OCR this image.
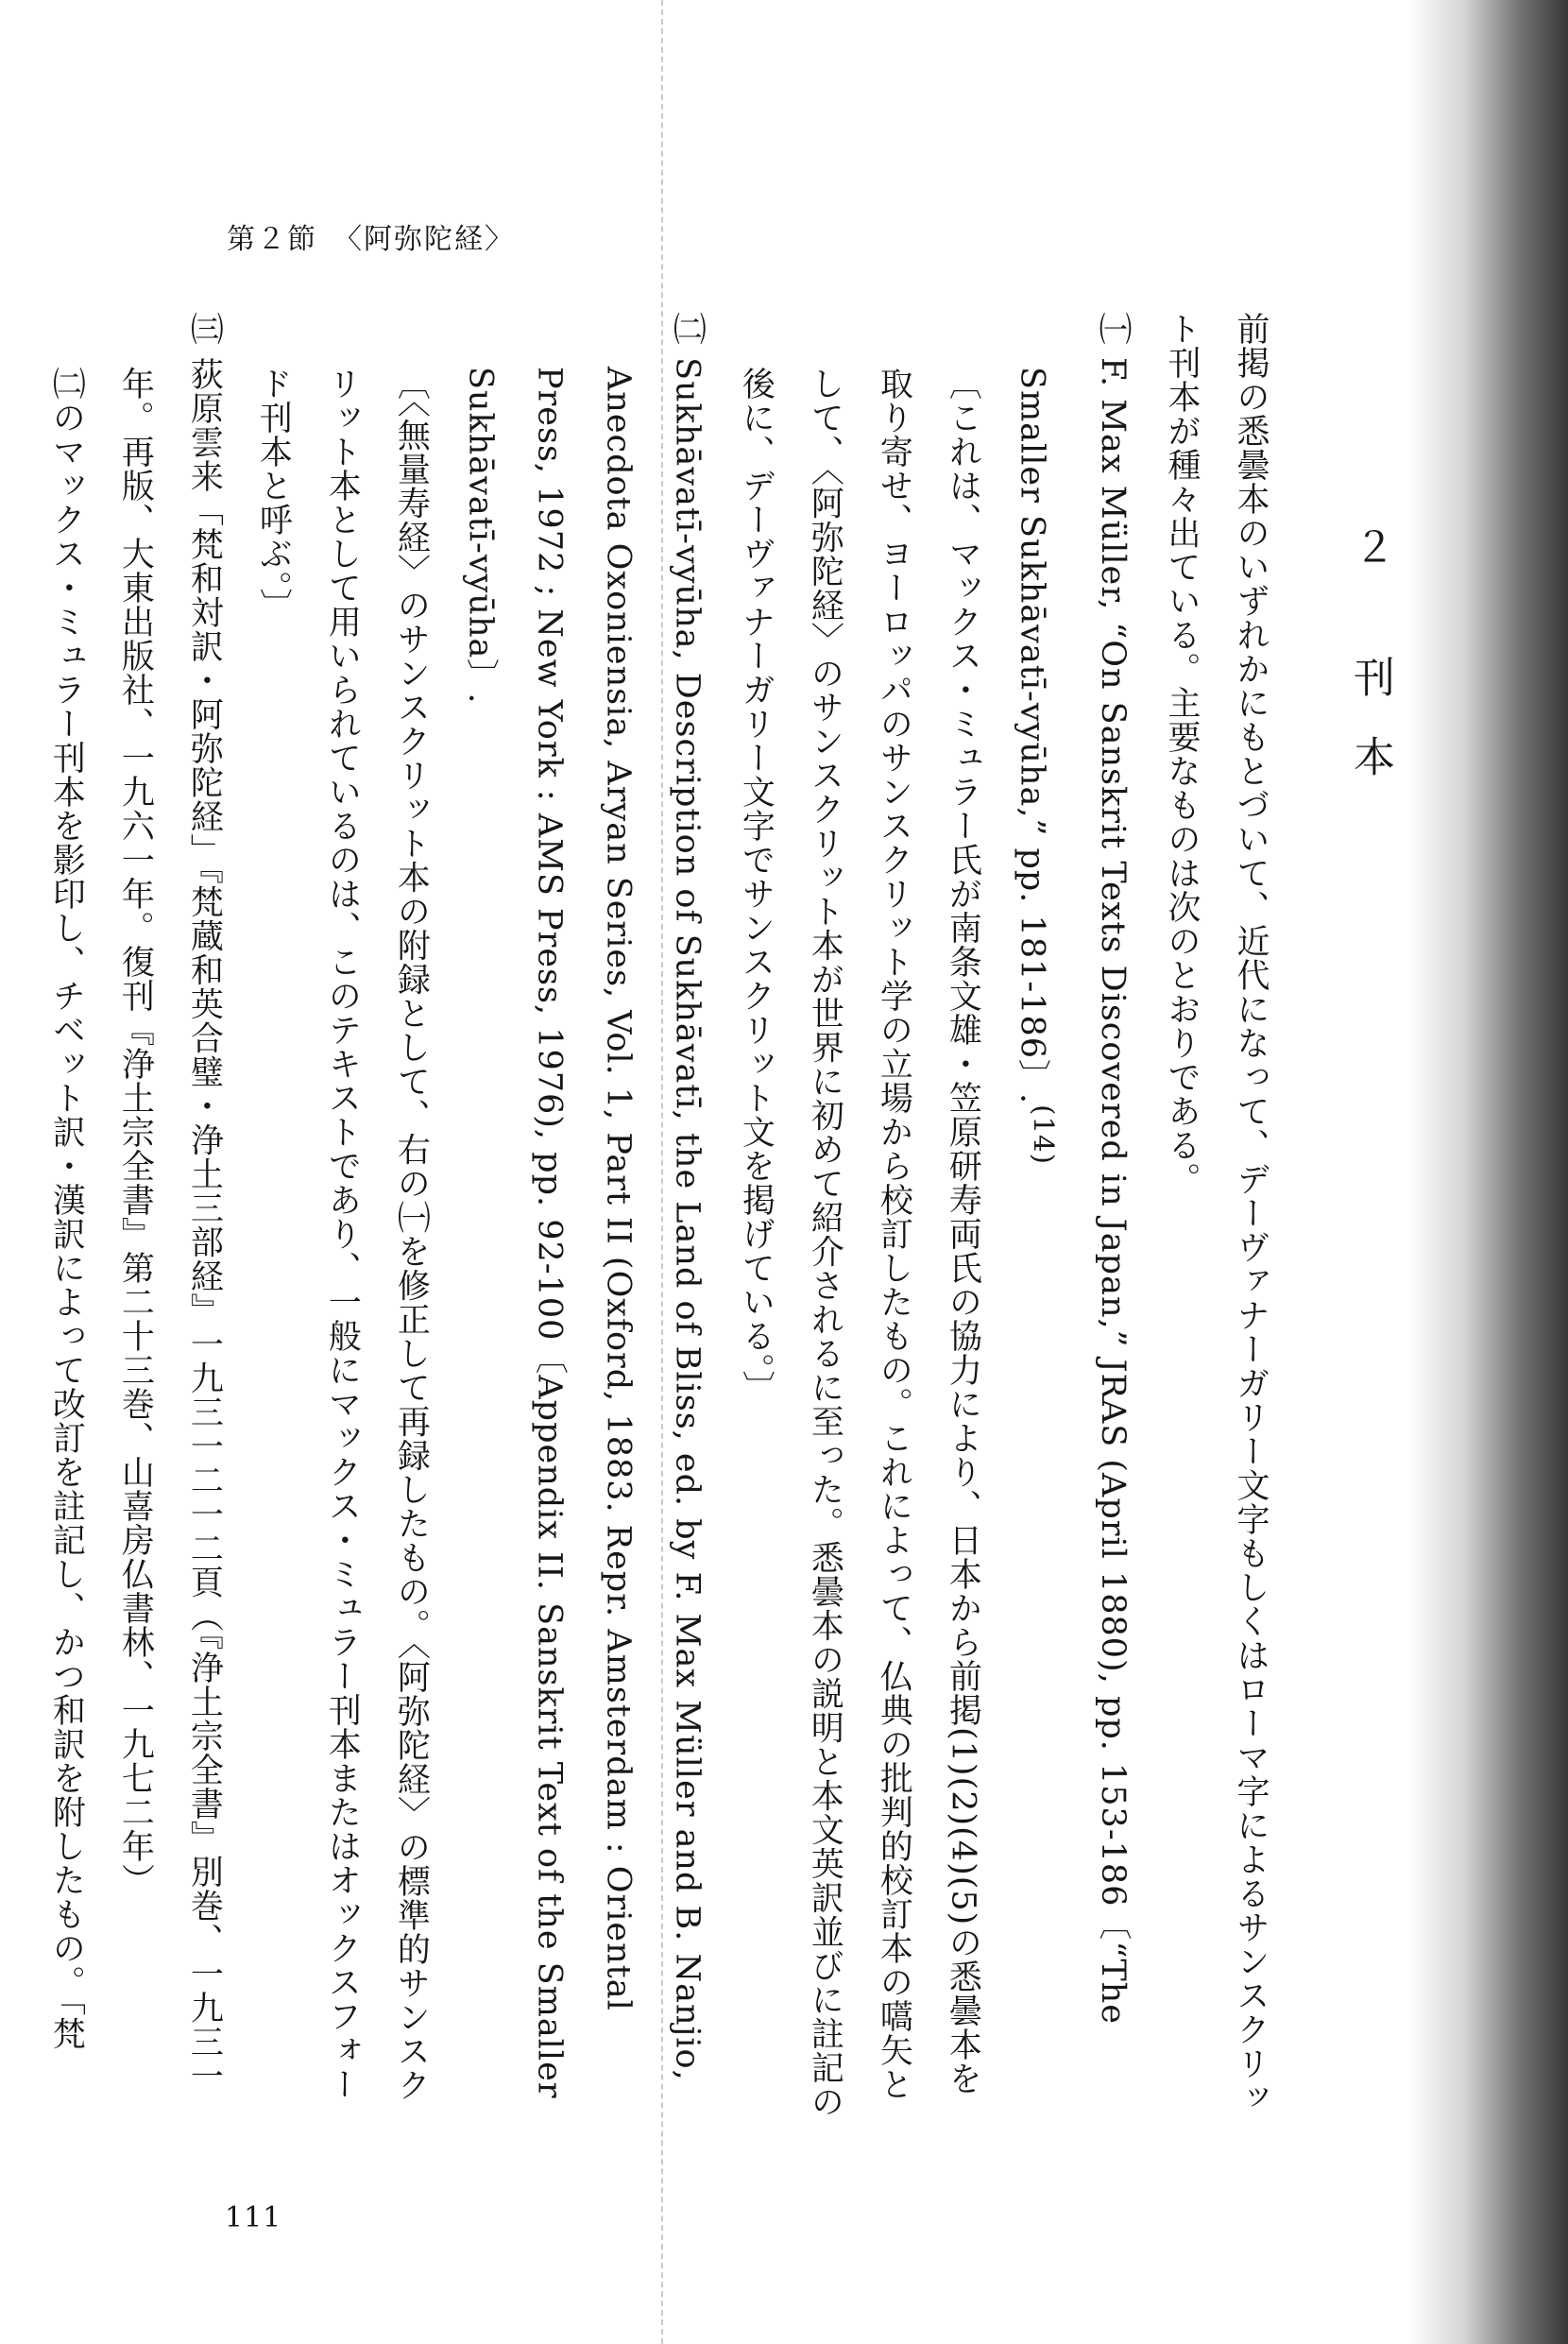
第２節　〈阿弥陀経〉
２ 刊本

前掲の悉曇本のいずれかにもとづいて、近代になって、デーヴァナーガリー文字もしくはローマ字によるサンスクリット刊本が種々出ている。主要なものは次のとおりである。

㈠ F. Max Müller, “On Sanskrit Texts Discovered in Japan,” JRAS (April 1880), pp. 153-186〔“The Smaller Sukhāvatī-vyūha,” pp. 181-186〕.$^{(14)}$

〔これは、マックス・ミュラー氏が南条文雄・笠原研寿両氏の協力により、日本から前掲(1)(2)(4)(5)の悉曇本を取り寄せ、ヨーロッパのサンスクリット学の立場から校訂したもの。これによって、仏典の批判的校訂本の嚆矢として、〈阿弥陀経〉のサンスクリット本が世界に初めて紹介されるに至った。悉曇本の説明と本文英訳並びに註記の後に、デーヴァナーガリー文字でサンスクリット文を掲げている。〕

㈡ Sukhāvatī-vyūha, Description of Sukhāvatī, the Land of Bliss, ed. by F. Max Müller and B. Nanjio, Anecdota Oxoniensia, Aryan Series, Vol. 1, Part II (Oxford, 1883. Repr. Amsterdam : Oriental Press, 1972 ; New York : AMS Press, 1976), pp. 92-100〔Appendix II. Sanskrit Text of the Smaller Sukhāvatī-vyūha〕.

〔〈無量寿経〉のサンスクリット本の附録として、右の㈠を修正して再録したもの。〈阿弥陀経〉の標準的サンスクリット本として用いられているのは、このテキストであり、一般にマックス・ミュラー刊本またはオックスフォード刊本と呼ぶ。〕

㈢ 荻原雲来「梵和対訳・阿弥陀経」『梵蔵和英合璧・浄土三部経』一九三一二一二頁（『浄土宗全書』別巻、一九三一年。再版、大東出版社、一九六一年。復刊『浄土宗全書』第二十三巻、山喜房仏書林、一九七二年）

㈡のマックス・ミュラー刊本を影印し、チベット訳・漢訳によって改訂を註記し、かつ和訳を附したもの。「梵

111
